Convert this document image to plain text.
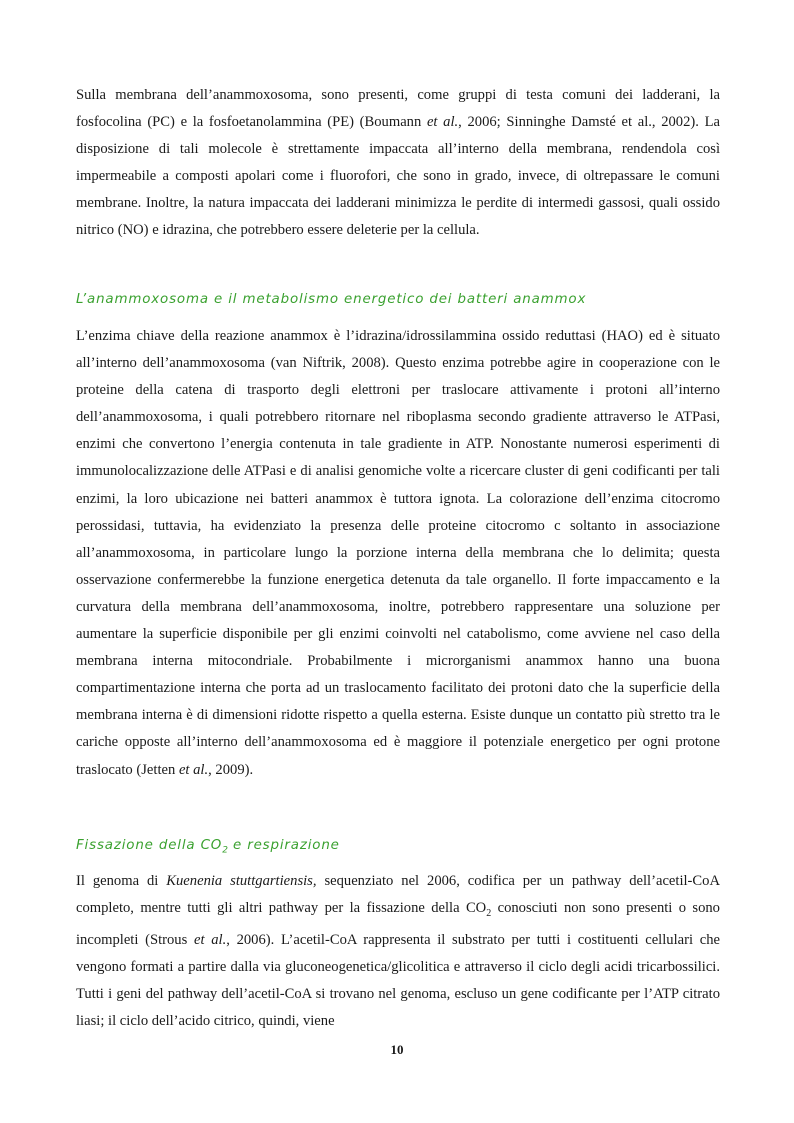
Sulla membrana dell’anammoxosoma, sono presenti, come gruppi di testa comuni dei ladderani, la fosfocolina (PC) e la fosfoetanolammina (PE) (Boumann et al., 2006; Sinninghe Damsté et al., 2002). La disposizione di tali molecole è strettamente impaccata all’interno della membrana, rendendola così impermeabile a composti apolari come i fluorofori, che sono in grado, invece, di oltrepassare le comuni membrane. Inoltre, la natura impaccata dei ladderani minimizza le perdite di intermedi gassosi, quali ossido nitrico (NO) e idrazina, che potrebbero essere deleterie per la cellula.

L’anammoxosoma e il metabolismo energetico dei batteri anammox

L’enzima chiave della reazione anammox è l’idrazina/idrossilammina ossido reduttasi (HAO) ed è situato all’interno dell’anammoxosoma (van Niftrik, 2008). Questo enzima potrebbe agire in cooperazione con le proteine della catena di trasporto degli elettroni per traslocare attivamente i protoni all’interno dell’anammoxosoma, i quali potrebbero ritornare nel riboplasma secondo gradiente attraverso le ATPasi, enzimi che convertono l’energia contenuta in tale gradiente in ATP. Nonostante numerosi esperimenti di immunolocalizzazione delle ATPasi e di analisi genomiche volte a ricercare cluster di geni codificanti per tali enzimi, la loro ubicazione nei batteri anammox è tuttora ignota. La colorazione dell’enzima citocromo perossidasi, tuttavia, ha evidenziato la presenza delle proteine citocromo c soltanto in associazione all’anammoxosoma, in particolare lungo la porzione interna della membrana che lo delimita; questa osservazione confermerebbe la funzione energetica detenuta da tale organello. Il forte impaccamento e la curvatura della membrana dell’anammoxosoma, inoltre, potrebbero rappresentare una soluzione per aumentare la superficie disponibile per gli enzimi coinvolti nel catabolismo, come avviene nel caso della membrana interna mitocondriale. Probabilmente i microrganismi anammox hanno una buona compartimentazione interna che porta ad un traslocamento facilitato dei protoni dato che la superficie della membrana interna è di dimensioni ridotte rispetto a quella esterna. Esiste dunque un contatto più stretto tra le cariche opposte all’interno dell’anammoxosoma ed è maggiore il potenziale energetico per ogni protone traslocato (Jetten et al., 2009).

Fissazione della $CO_2$ e respirazione

Il genoma di Kuenenia stuttgartiensis, sequenziato nel 2006, codifica per un pathway dell’acetil-CoA completo, mentre tutti gli altri pathway per la fissazione della $CO_2$ conosciuti non sono presenti o sono incompleti (Strous et al., 2006). L’acetil-CoA rappresenta il substrato per tutti i costituenti cellulari che vengono formati a partire dalla via gluconeogenetica/glicolitica e attraverso il ciclo degli acidi tricarbossilici. Tutti i geni del pathway dell’acetil-CoA si trovano nel genoma, escluso un gene codificante per l’ATP citrato liasi; il ciclo dell’acido citrico, quindi, viene

10
